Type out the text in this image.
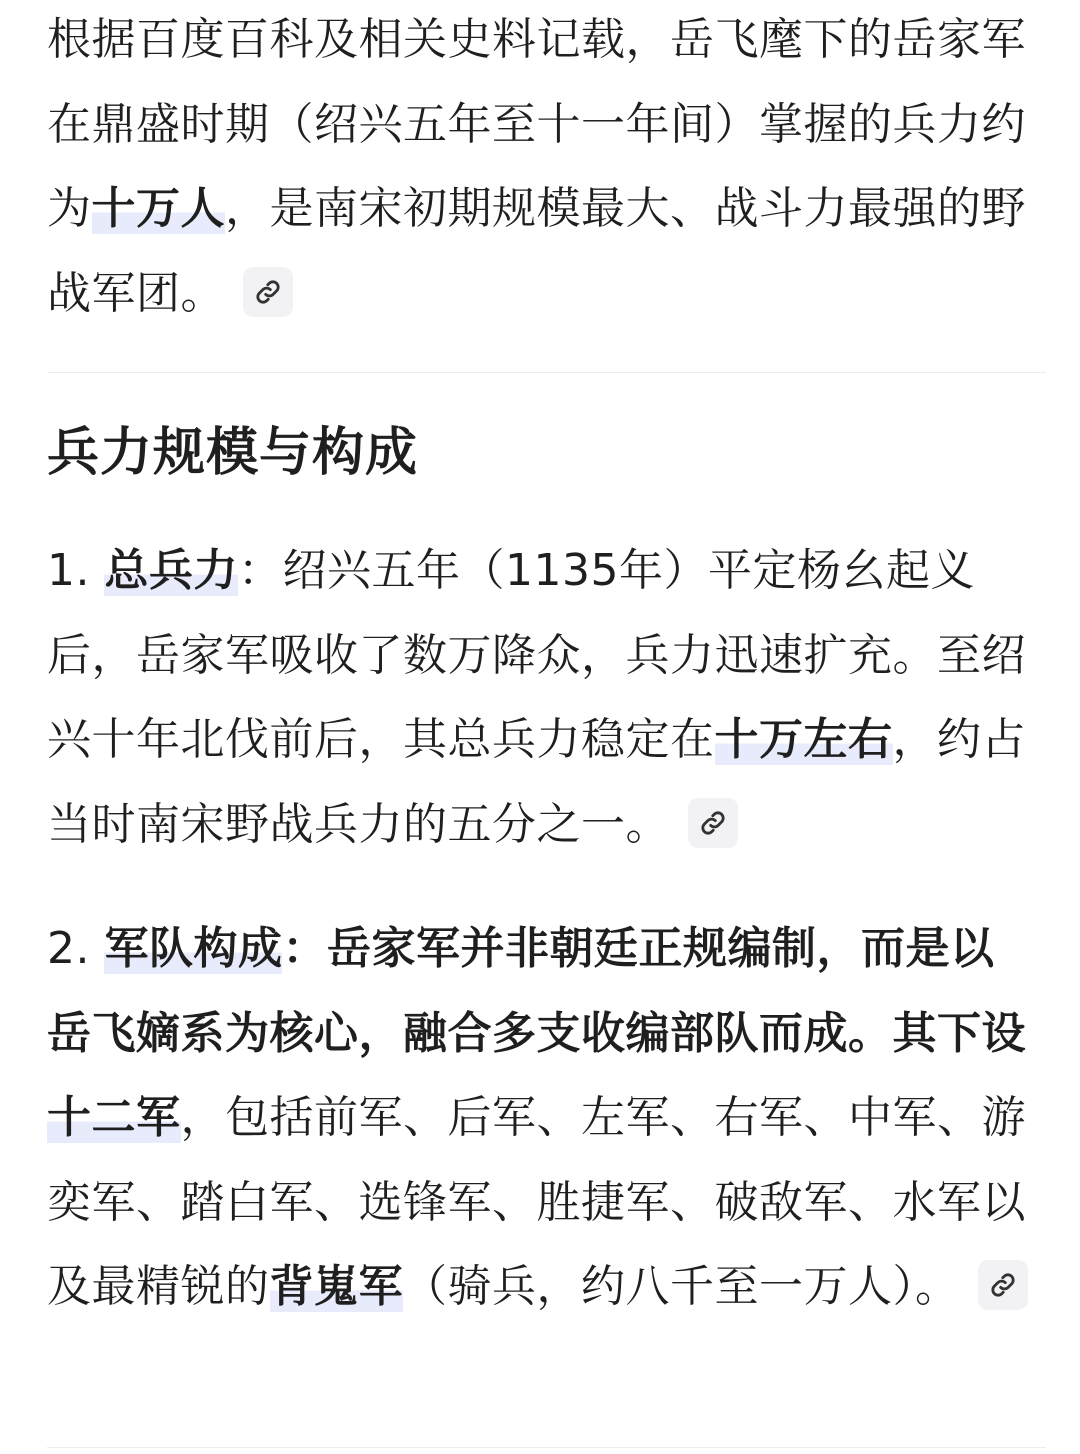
根据百度百科及相关史料记载，岳飞麾下的岳家军在鼎盛时期（绍兴五年至十一年间）掌握的兵力约为十万人，是南宋初期规模最大、战斗力最强的野战军团。

兵力规模与构成

1. 总兵力：绍兴五年（1135年）平定杨幺起义后，岳家军吸收了数万降众，兵力迅速扩充。至绍兴十年北伐前后，其总兵力稳定在十万左右，约占当时南宋野战兵力的五分之一。

2. 军队构成：岳家军并非朝廷正规编制，而是以岳飞嫡系为核心，融合多支收编部队而成。其下设十二军，包括前军、后军、左军、右军、中军、游奕军、踏白军、选锋军、胜捷军、破敌军、水军以及最精锐的背嵬军（骑兵，约八千至一万人）。
